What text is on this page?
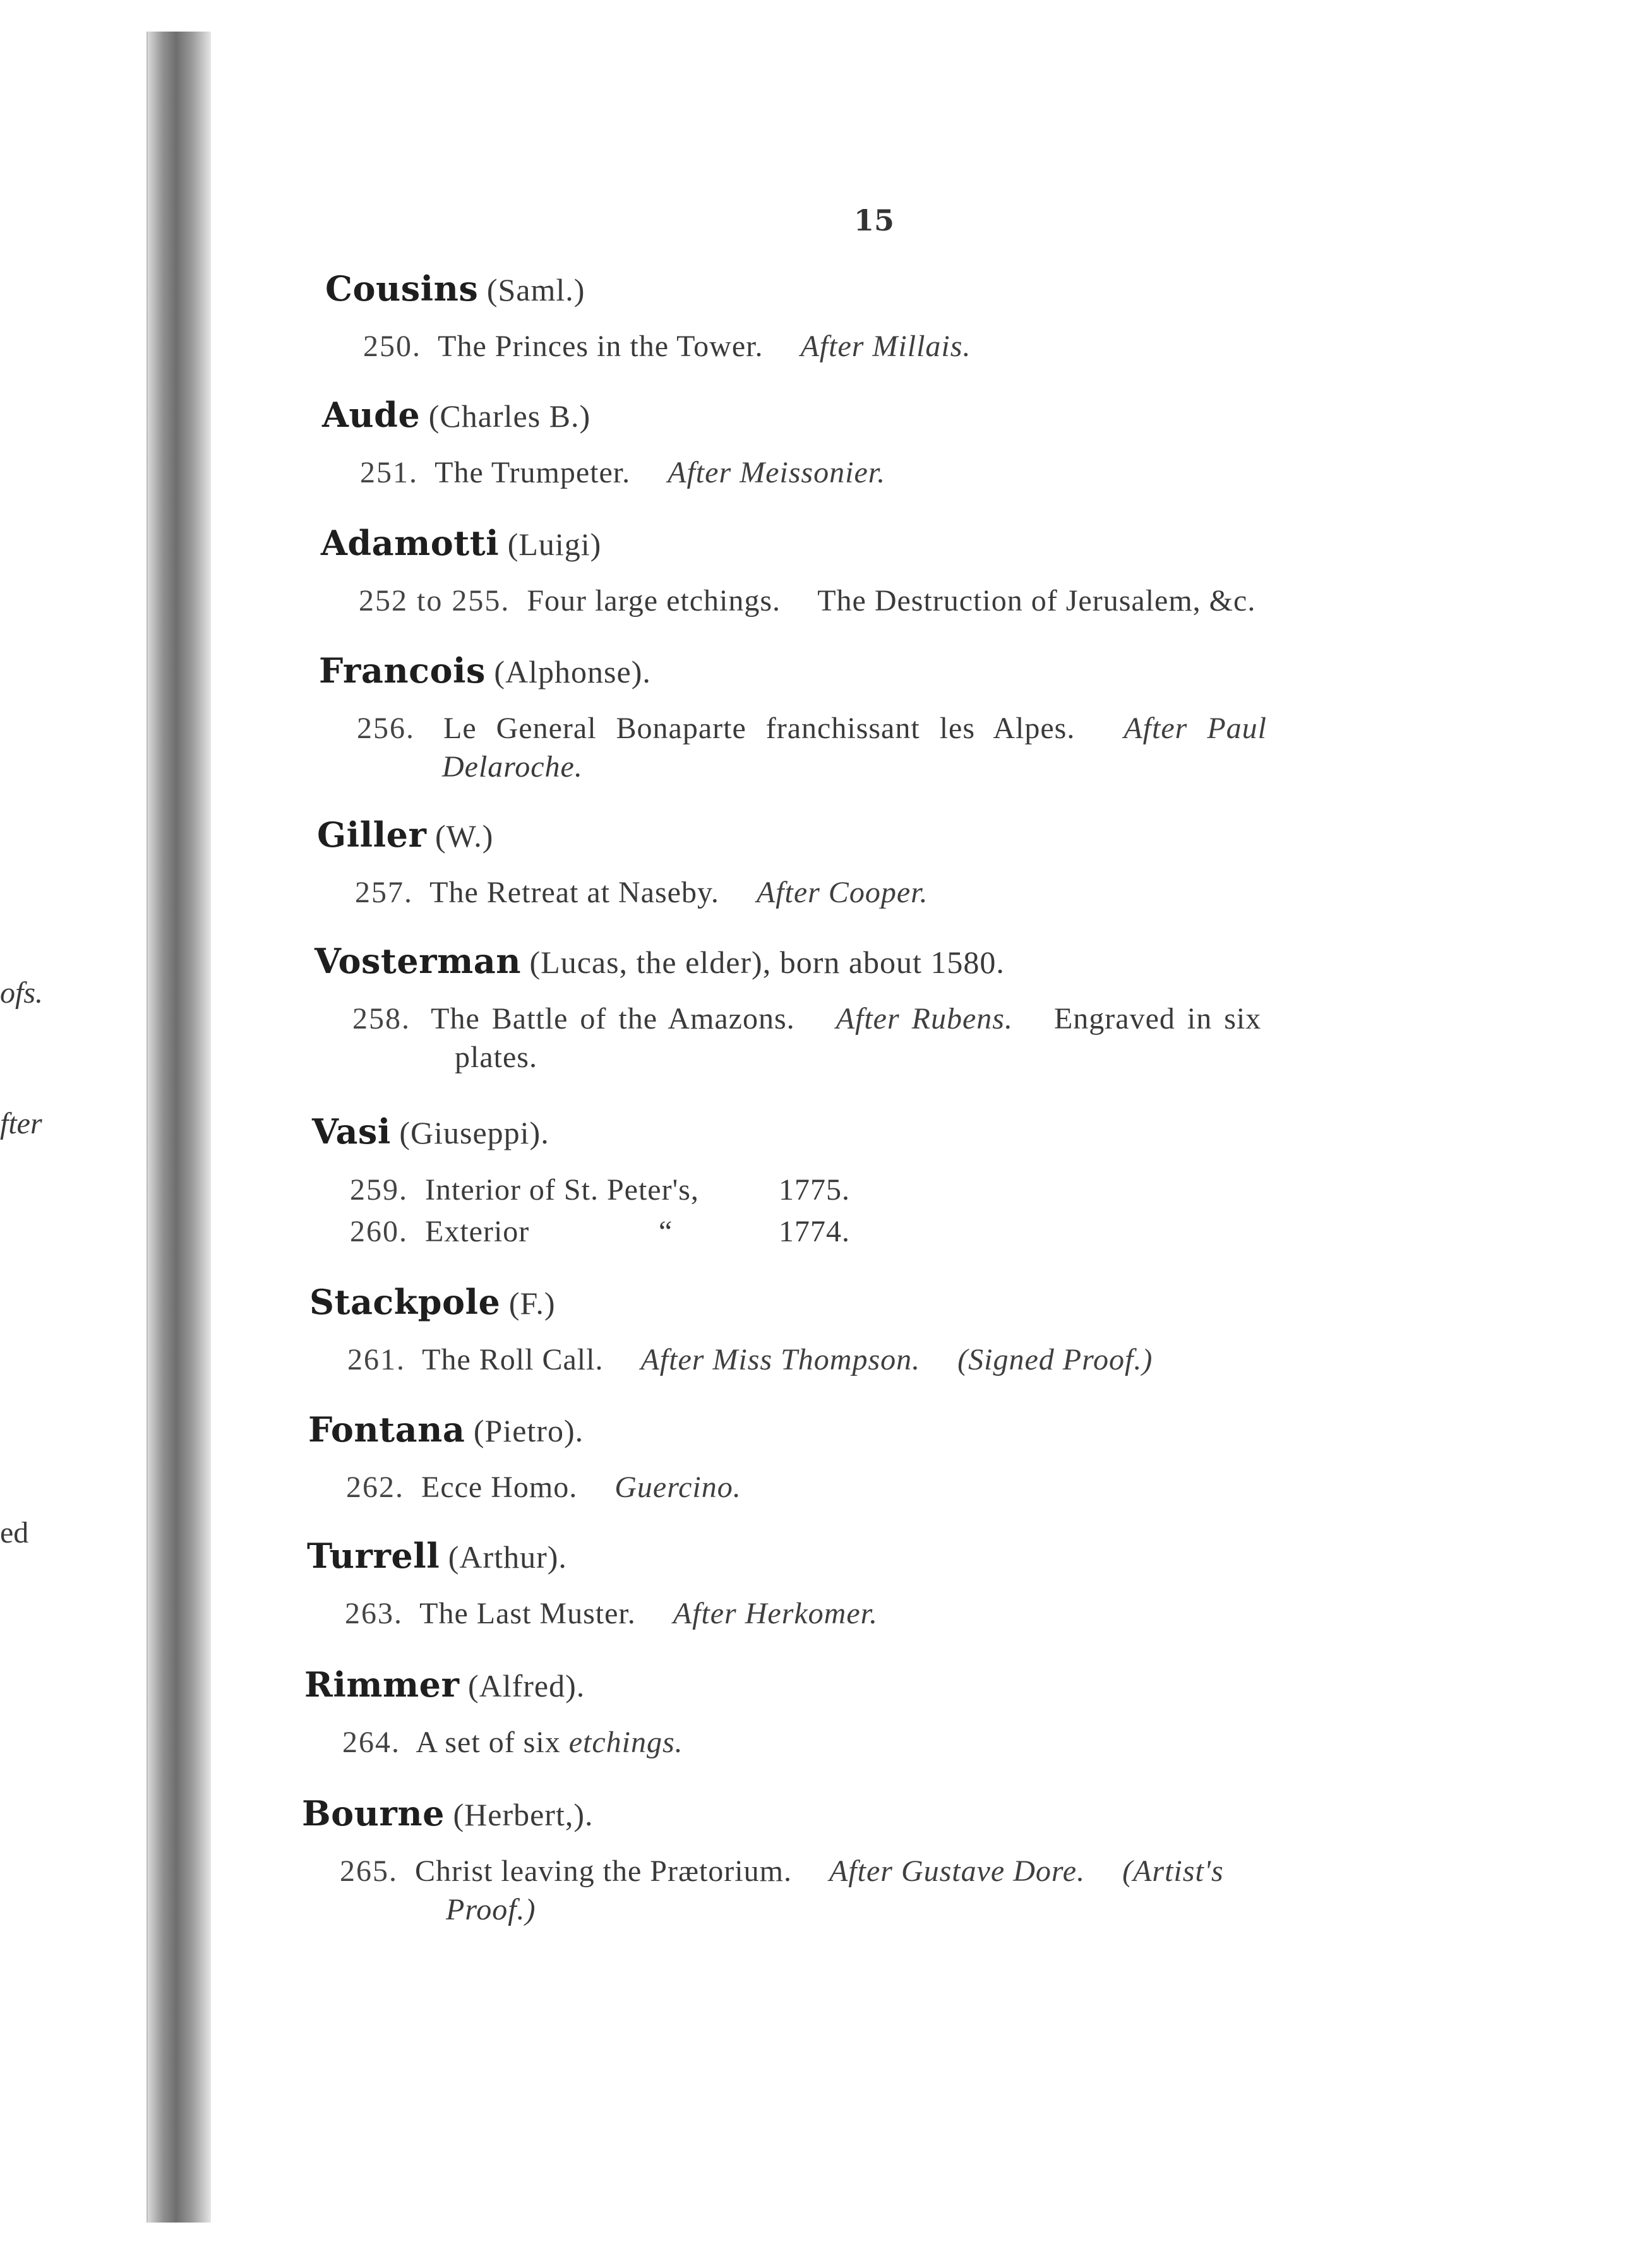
ofs.
fter
ed
15
Cousins (Saml.)
250. The Princes in the Tower. After Millais.
Aude (Charles B.)
251. The Trumpeter. After Meissonier.
Adamotti (Luigi)
252 to 255. Four large etchings. The Destruction of Jerusalem, &c.
Francois (Alphonse).
256. Le General Bonaparte franchissant les Alpes. After Paul
Delaroche.
Giller (W.)
257. The Retreat at Naseby. After Cooper.
Vosterman (Lucas, the elder), born about 1580.
258. The Battle of the Amazons. After Rubens. Engraved in six
plates.
Vasi (Giuseppi).
259. Interior of St. Peter's,	1775.
260. Exterior	“	1774.
Stackpole (F.)
261. The Roll Call. After Miss Thompson. (Signed Proof.)
Fontana (Pietro).
262. Ecce Homo. Guercino.
Turrell (Arthur).
263. The Last Muster. After Herkomer.
Rimmer (Alfred).
264. A set of six etchings.
Bourne (Herbert,).
265. Christ leaving the Prætorium. After Gustave Dore. (Artist's
Proof.)
